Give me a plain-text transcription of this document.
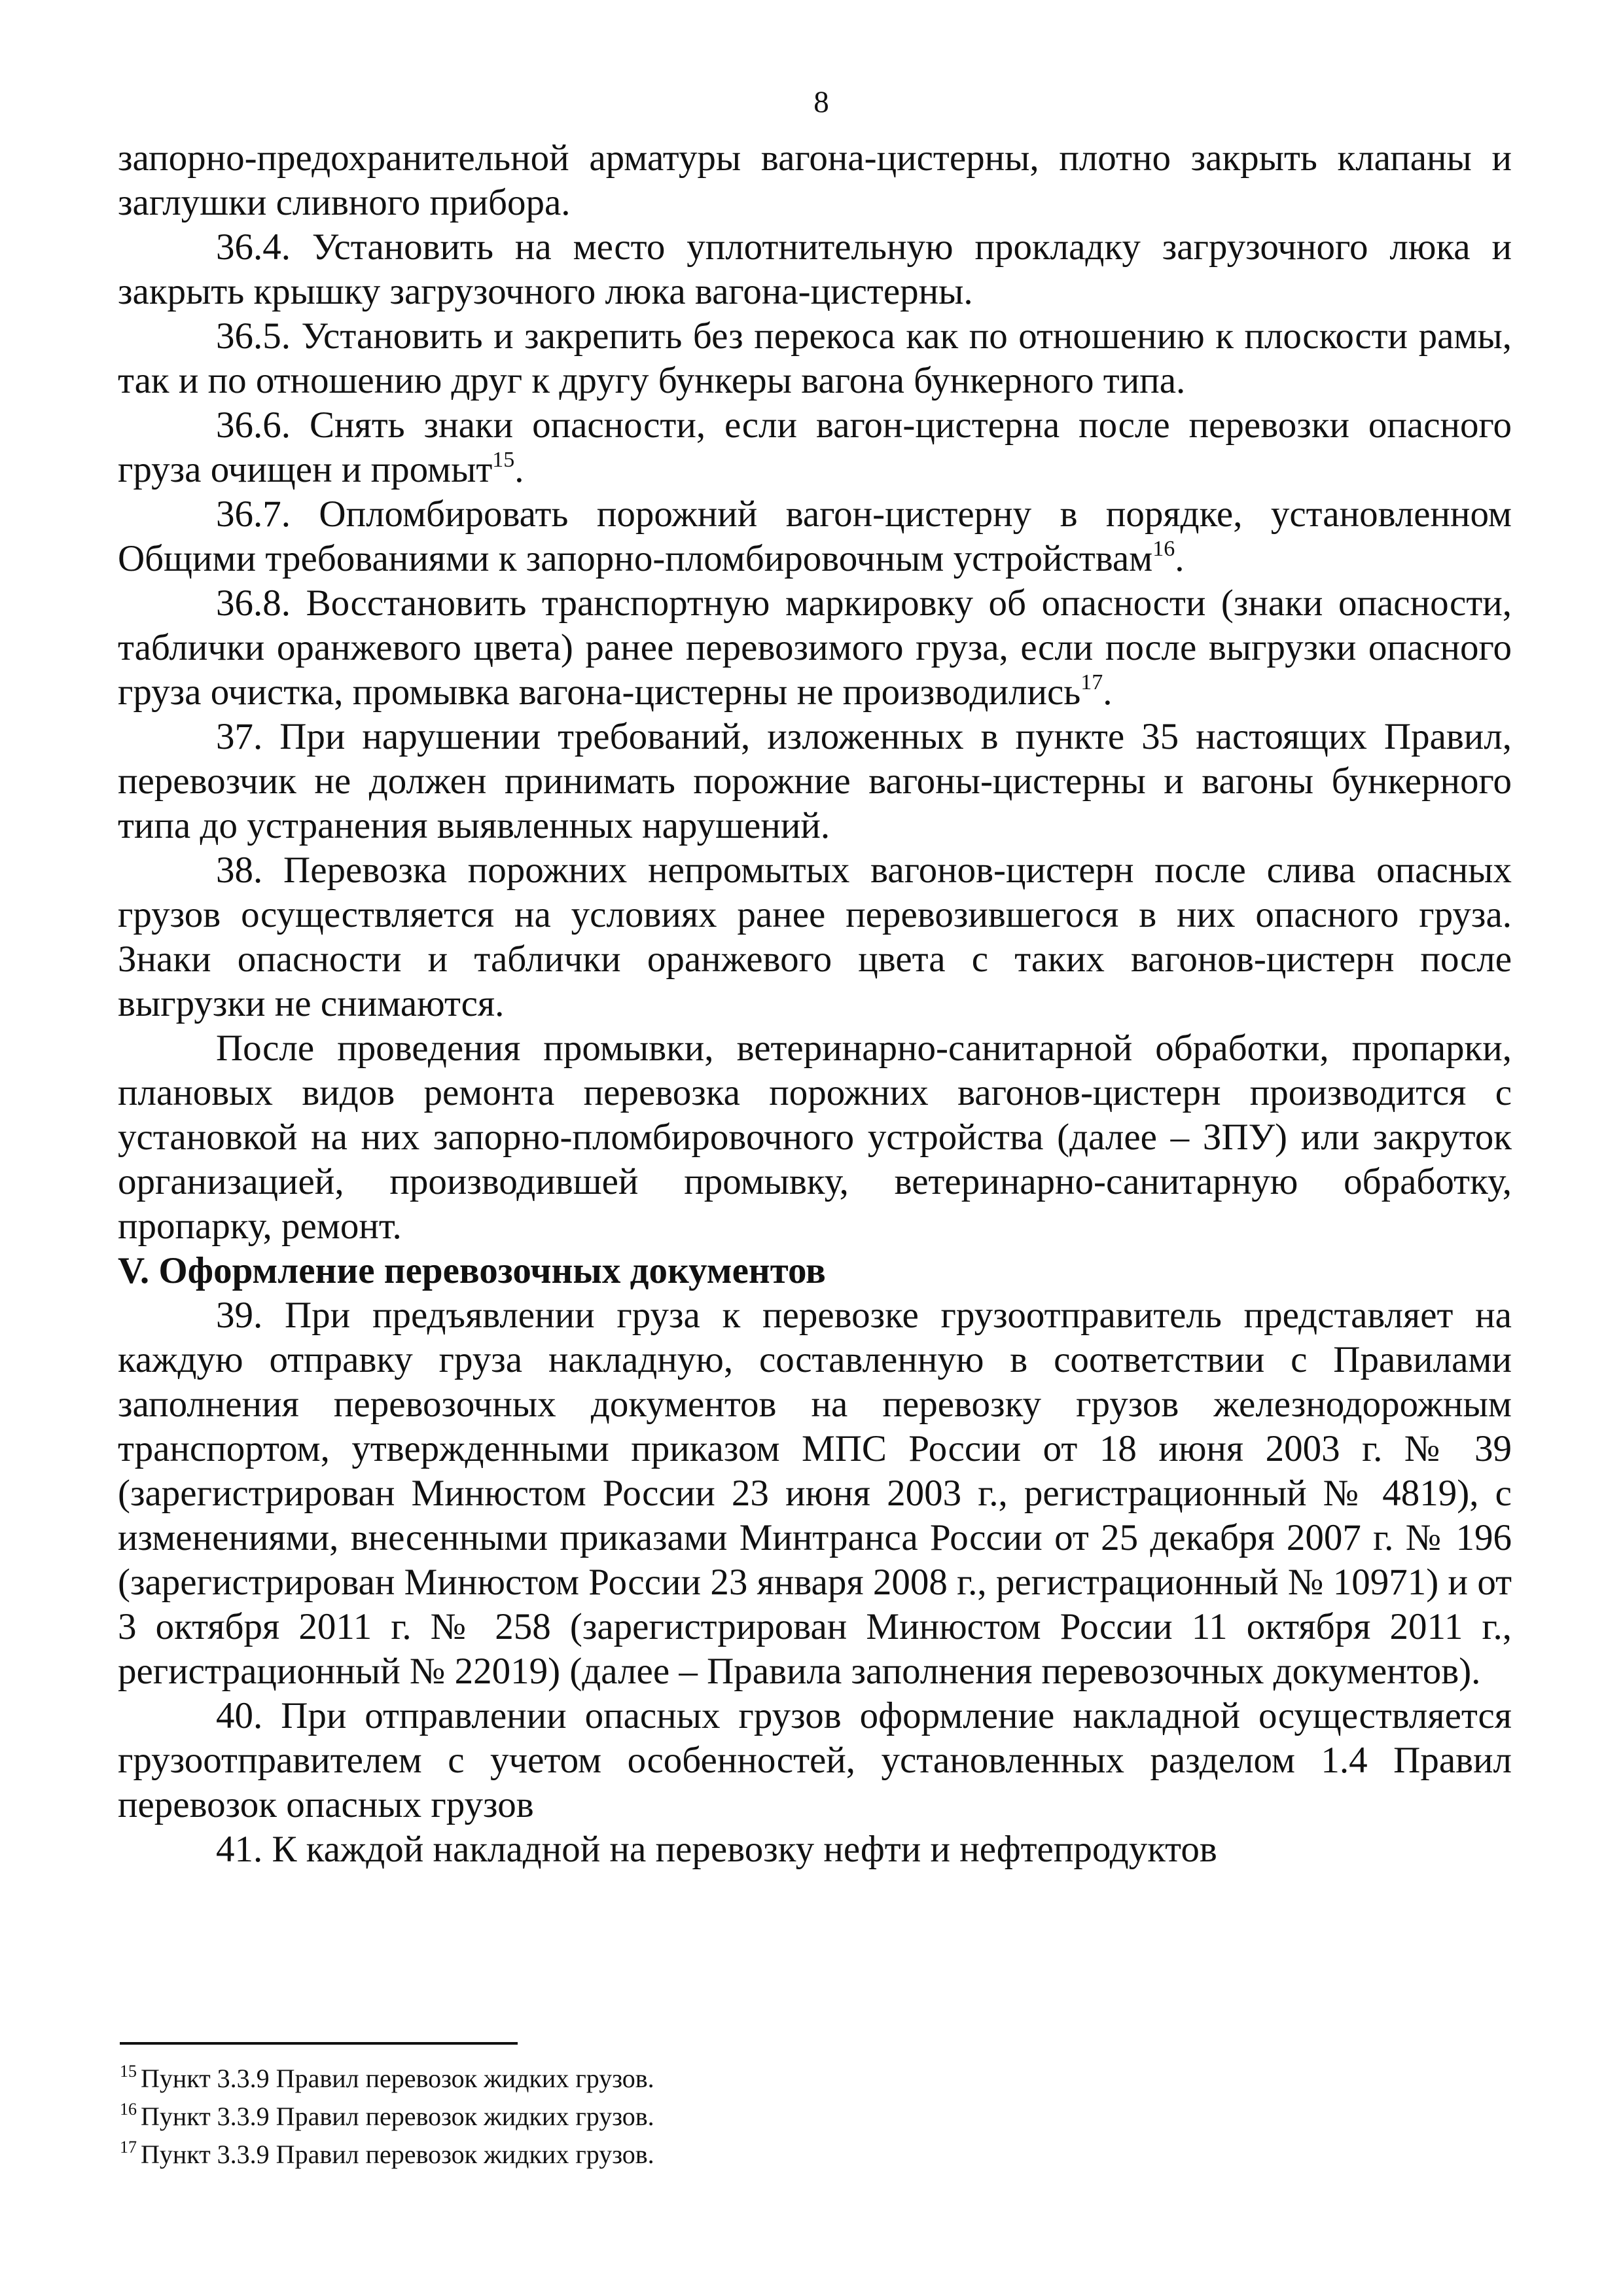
8

запорно-предохранительной арматуры вагона-цистерны, плотно закрыть клапаны и заглушки сливного прибора.

36.4. Установить на место уплотнительную прокладку загрузочного люка и закрыть крышку загрузочного люка вагона-цистерны.

36.5. Установить и закрепить без перекоса как по отношению к плоскости рамы, так и по отношению друг к другу бункеры вагона бункерного типа.

36.6. Снять знаки опасности, если вагон-цистерна после перевозки опасного груза очищен и промыт$^{15}$.

36.7. Опломбировать порожний вагон-цистерну в порядке, установленном Общими требованиями к запорно-пломбировочным устройствам$^{16}$.

36.8. Восстановить транспортную маркировку об опасности (знаки опасности, таблички оранжевого цвета) ранее перевозимого груза, если после выгрузки опасного груза очистка, промывка вагона-цистерны не производились$^{17}$.

37. При нарушении требований, изложенных в пункте 35 настоящих Правил, перевозчик не должен принимать порожние вагоны-цистерны и вагоны бункерного типа до устранения выявленных нарушений.

38. Перевозка порожних непромытых вагонов-цистерн после слива опасных грузов осуществляется на условиях ранее перевозившегося в них опасного груза. Знаки опасности и таблички оранжевого цвета с таких вагонов-цистерн после выгрузки не снимаются.

После проведения промывки, ветеринарно-санитарной обработки, пропарки, плановых видов ремонта перевозка порожних вагонов-цистерн производится с установкой на них запорно-пломбировочного устройства (далее – ЗПУ) или закруток организацией, производившей промывку, ветеринарно-санитарную обработку, пропарку, ремонт.

V. Оформление перевозочных документов

39. При предъявлении груза к перевозке грузоотправитель представляет на каждую отправку груза накладную, составленную в соответствии с Правилами заполнения перевозочных документов на перевозку грузов железнодорожным транспортом, утвержденными приказом МПС России от 18 июня 2003 г. № 39 (зарегистрирован Минюстом России 23 июня 2003 г., регистрационный № 4819), с изменениями, внесенными приказами Минтранса России от 25 декабря 2007 г. № 196 (зарегистрирован Минюстом России 23 января 2008 г., регистрационный № 10971) и от 3 октября 2011 г. № 258 (зарегистрирован Минюстом России 11 октября 2011 г., регистрационный № 22019) (далее – Правила заполнения перевозочных документов).

40. При отправлении опасных грузов оформление накладной осуществляется грузоотправителем с учетом особенностей, установленных разделом 1.4 Правил перевозок опасных грузов

41. К каждой накладной на перевозку нефти и нефтепродуктов

$^{15}$ Пункт 3.3.9 Правил перевозок жидких грузов.

$^{16}$ Пункт 3.3.9 Правил перевозок жидких грузов.

$^{17}$ Пункт 3.3.9 Правил перевозок жидких грузов.
